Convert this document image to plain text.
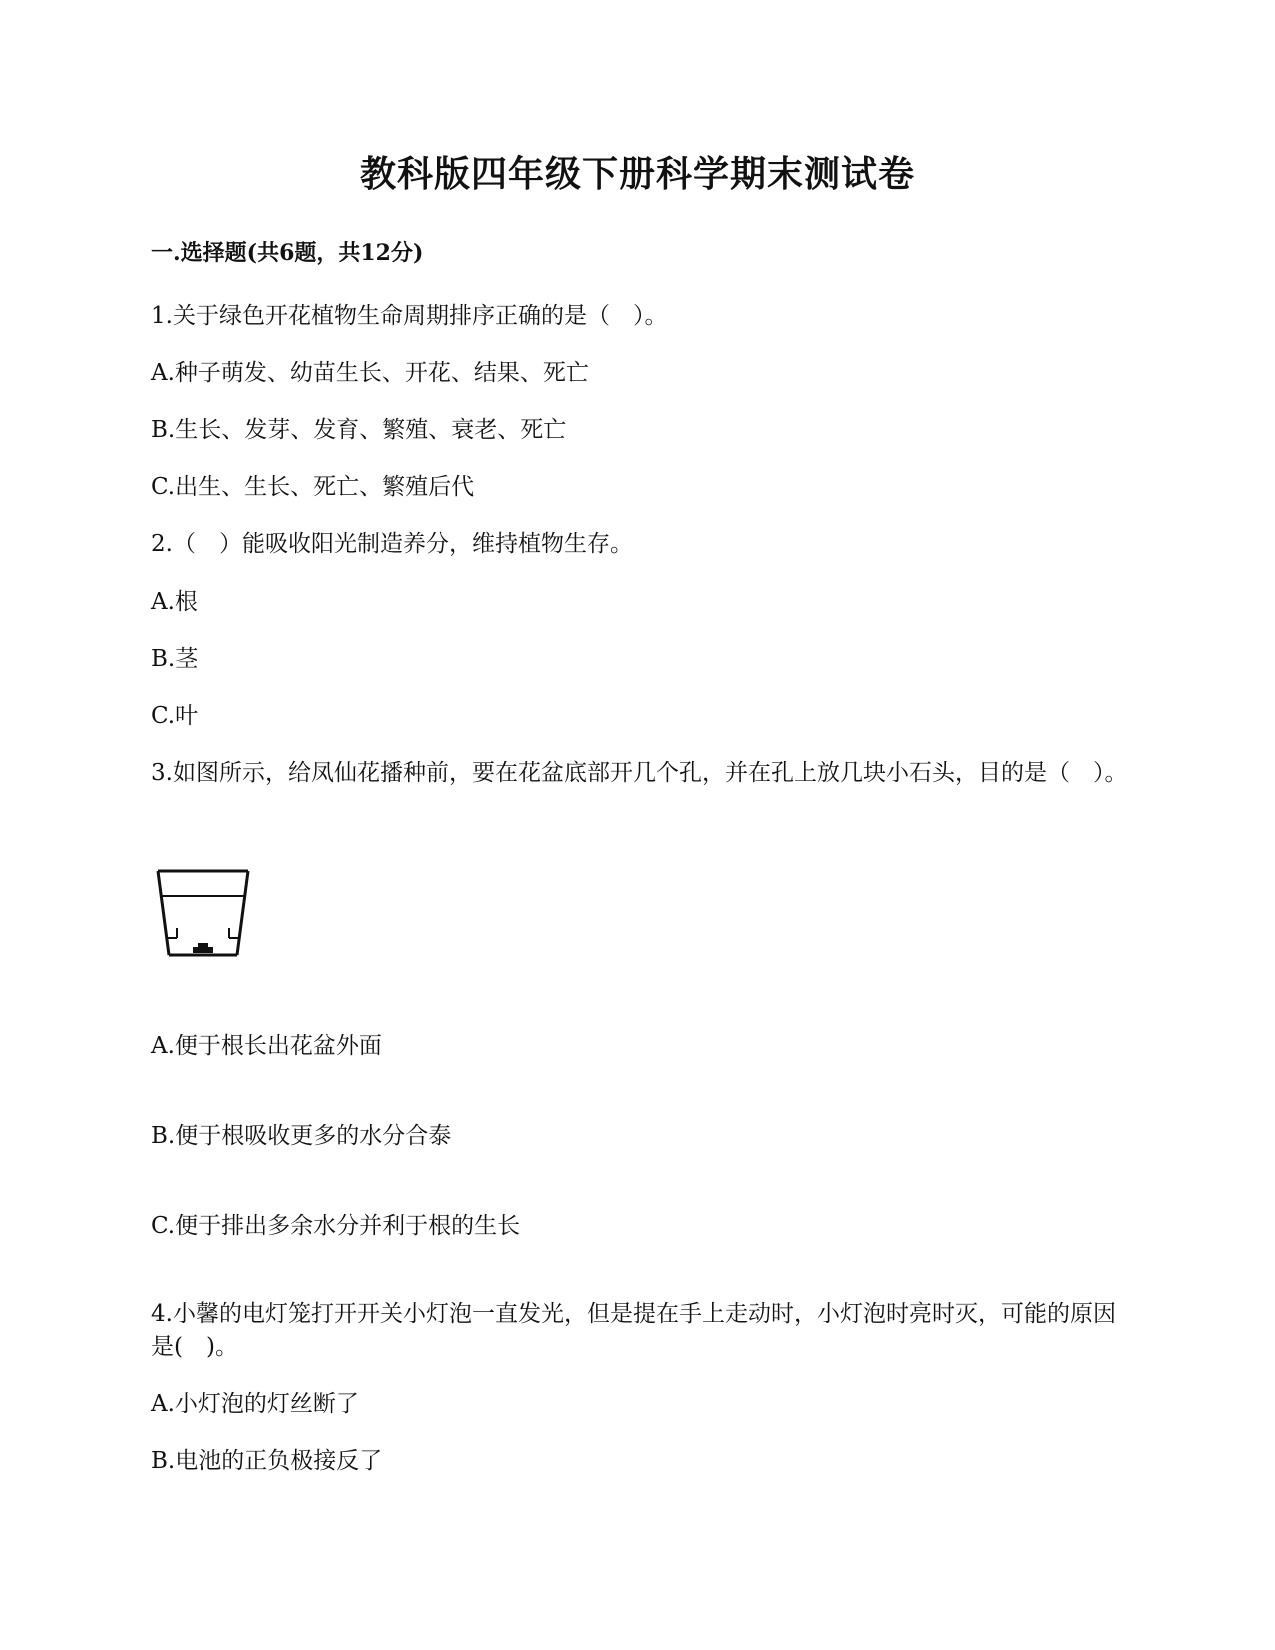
教科版四年级下册科学期末测试卷
一.选择题(共6题，共12分)
1.关于绿色开花植物生命周期排序正确的是（　）。
A.种子萌发、幼苗生长、开花、结果、死亡
B.生长、发芽、发育、繁殖、衰老、死亡
C.出生、生长、死亡、繁殖后代
2.（　）能吸收阳光制造养分，维持植物生存。
A.根
B.茎
C.叶
3.如图所示，给凤仙花播种前，要在花盆底部开几个孔，并在孔上放几块小石头，目的是（　）。
A.便于根长出花盆外面
B.便于根吸收更多的水分合泰
C.便于排出多余水分并利于根的生长
4.小馨的电灯笼打开开关小灯泡一直发光，但是提在手上走动时，小灯泡时亮时灭，可能的原因是(　)。
A.小灯泡的灯丝断了
B.电池的正负极接反了
